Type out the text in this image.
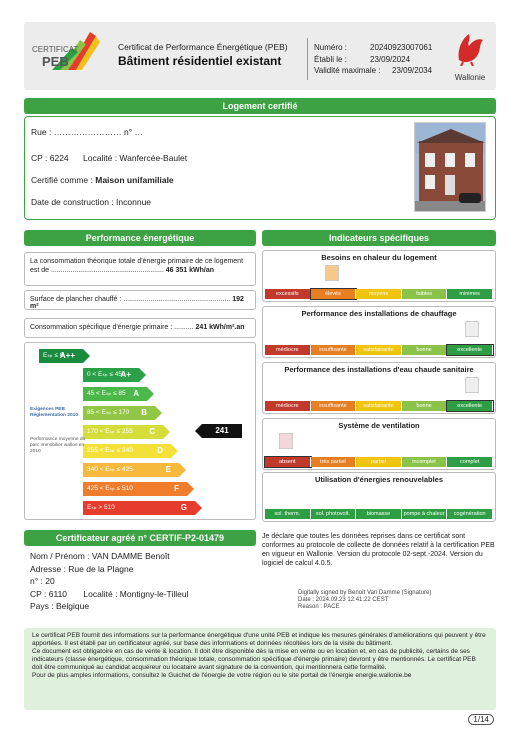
CERTIFICAT
PEB
Certificat de Performance Énergétique (PEB)
Bâtiment résidentiel existant
Numéro :	20240923007061
Établi le :	23/09/2024
Validité maximale :	23/09/2034
Wallonie
Logement certifié
Rue : …………………… n° …
CP : 6224 Localité : Wanfercée-Baulet
Certifié comme : Maison unifamiliale
Date de construction : Inconnue
Performance énergétique	Indicateurs spécifiques
La consommation théorique totale d'énergie primaire de ce logement est de .......................................................... 46 351 kWh/an
Surface de plancher chauffé : ....................................................... 192 m²
Consommation spécifique d'énergie primaire : .......... 241 kWh/m².an
Eₛₚ ≤ 0
A++
0 < Eₛₚ ≤ 45
A+
45 < Eₛₚ ≤ 85 A
85 < Eₛₚ ≤ 170 B
170 < Eₛₚ ≤ 255 C
255 < Eₛₚ ≤ 340	D
340 < Eₛₚ ≤ 425	E
425 < Eₛₚ ≤ 510	F
Eₛₚ > 510	G
Exigences PEB Réglementation 2010
Performance moyenne du parc immobilier wallon en 2010
241
Besoins en chaleur du logement
excessifs	élevés	moyens	faibles	minimes
Performance des installations de chauffage
médiocre	insuffisante	satisfaisante	bonne	excellente
Performance des installations d'eau chaude sanitaire
médiocre	insuffisante	satisfaisante	bonne	excellente
Système de ventilation
absent	très partiel	partiel	incomplet	complet
Utilisation d'énergies renouvelables
sol. therm.	sol. photovolt.	biomasse	pompe à chaleur	cogénération
Certificateur agréé n° CERTIF-P2-01479
Nom / Prénom : VAN DAMME Benoît
Adresse : Rue de la Plagne
n° : 20
CP : 6110 Localité : Montigny-le-Tilleul
Pays : Belgique
Je déclare que toutes les données reprises dans ce certificat sont conformes au protocole de collecte de données relatif à la certification PEB en vigueur en Wallonie. Version du protocole 02-sept.-2024. Version du logiciel de calcul 4.0.5.
Digitally signed by Benoît Van Damme (Signature)
Date : 2024.09.23 12:41:22 CEST
Reason : PACE
Le certificat PEB fournit des informations sur la performance énergétique d'une unité PEB et indique les mesures générales d'améliorations qui peuvent y être apportées. Il est établi par un certificateur agréé, sur base des informations et données récoltées lors de la visite du bâtiment.
Ce document est obligatoire en cas de vente & location. Il doit être disponible dès la mise en vente ou en location et, en cas de publicité, certains de ses indicateurs (classe énergétique, consommation théorique totale, consommation spécifique d'énergie primaire) devront y être mentionnés. Le certificat PEB doit être communiqué au candidat acquéreur ou locataire avant signature de la convention, qui mentionnera cette formalité.
Pour de plus amples informations, consultez le Guichet de l'énergie de votre région ou le site portail de l'énergie energie.wallonie.be
1/14
